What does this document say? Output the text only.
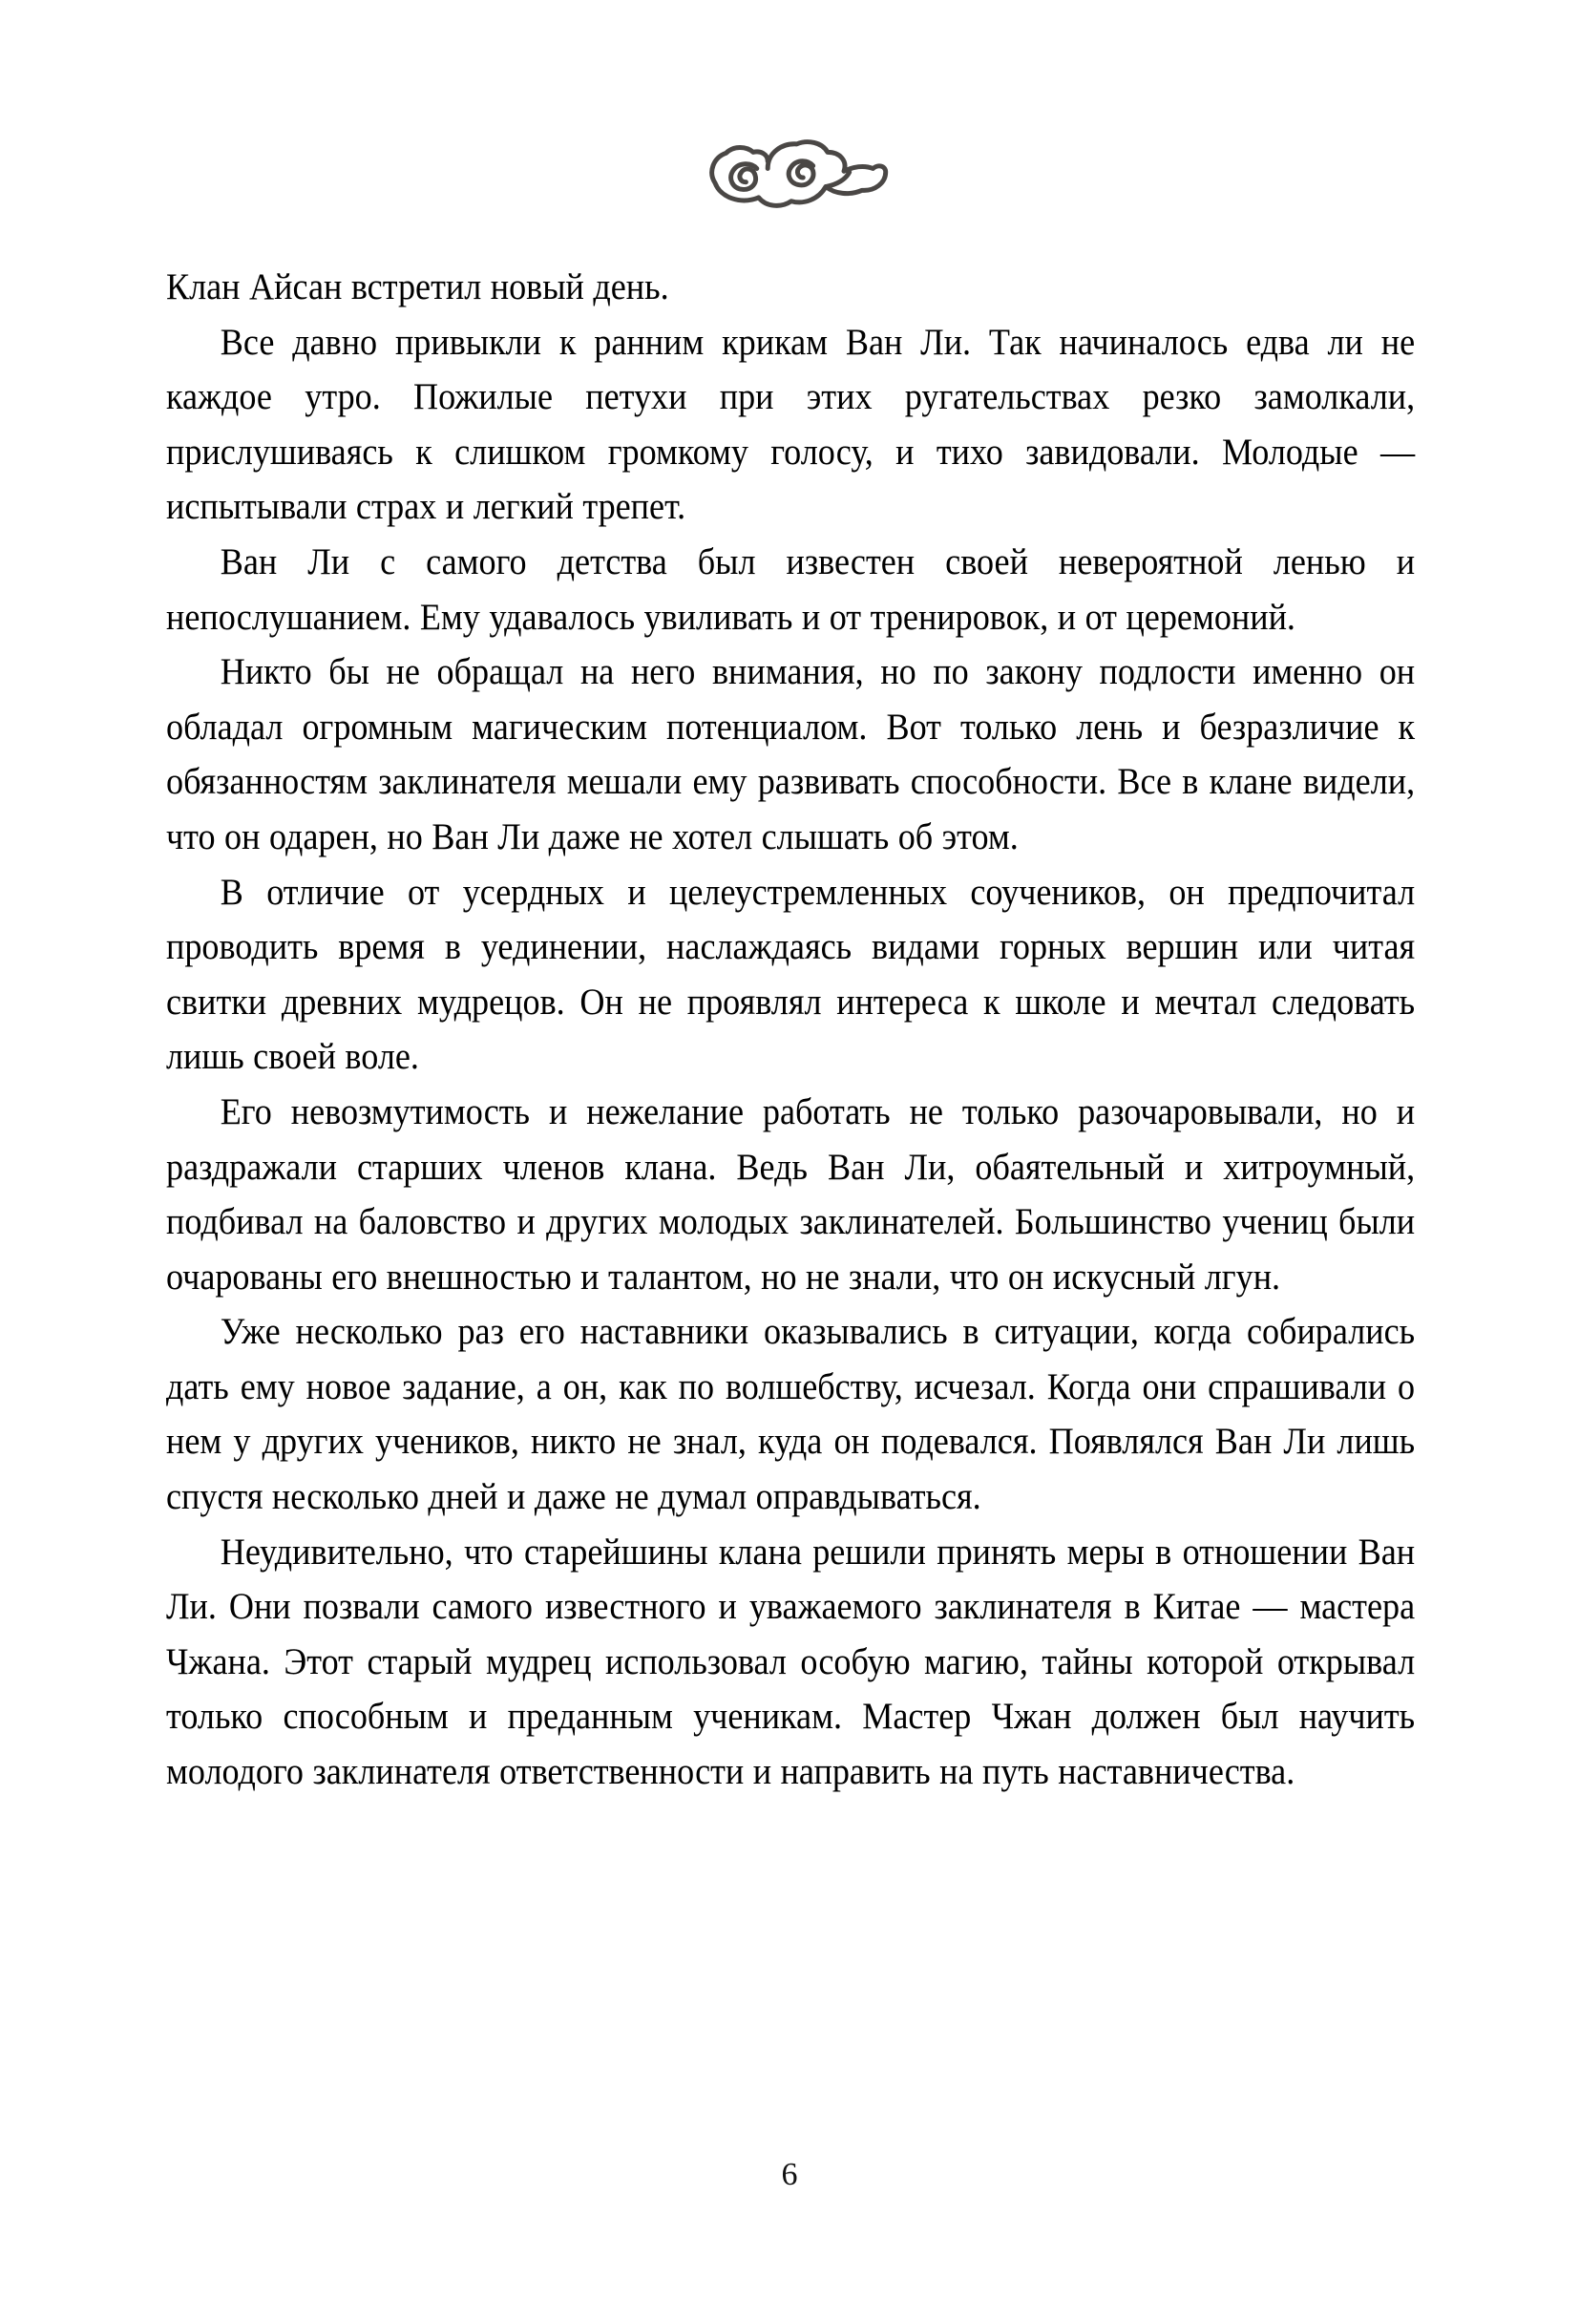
Клан Айсан встретил новый день.

Все давно привыкли к ранним крикам Ван Ли. Так начиналось едва ли не каждое утро. Пожилые петухи при этих ругательствах резко замолкали, прислушиваясь к слишком громкому голосу, и тихо завидовали. Молодые — испытывали страх и легкий трепет.

Ван Ли с самого детства был известен своей невероятной ленью и непослушанием. Ему удавалось увиливать и от тренировок, и от церемоний.

Никто бы не обращал на него внимания, но по закону подлости именно он обладал огромным магическим потенциалом. Вот только лень и безразличие к обязанностям заклинателя мешали ему развивать способности. Все в клане видели, что он одарен, но Ван Ли даже не хотел слышать об этом.

В отличие от усердных и целеустремленных соучеников, он предпочитал проводить время в уединении, наслаждаясь видами горных вершин или читая свитки древних мудрецов. Он не проявлял интереса к школе и мечтал следовать лишь своей воле.

Его невозмутимость и нежелание работать не только разочаровывали, но и раздражали старших членов клана. Ведь Ван Ли, обаятельный и хитроумный, подбивал на баловство и других молодых заклинателей. Большинство учениц были очарованы его внешностью и талантом, но не знали, что он искусный лгун.

Уже несколько раз его наставники оказывались в ситуации, когда собирались дать ему новое задание, а он, как по волшебству, исчезал. Когда они спрашивали о нем у других учеников, никто не знал, куда он подевался. Появлялся Ван Ли лишь спустя несколько дней и даже не думал оправдываться.

Неудивительно, что старейшины клана решили принять меры в отношении Ван Ли. Они позвали самого известного и уважаемого заклинателя в Китае — мастера Чжана. Этот старый мудрец использовал особую магию, тайны которой открывал только способным и преданным ученикам. Мастер Чжан должен был научить молодого заклинателя ответственности и направить на путь наставничества.

6
